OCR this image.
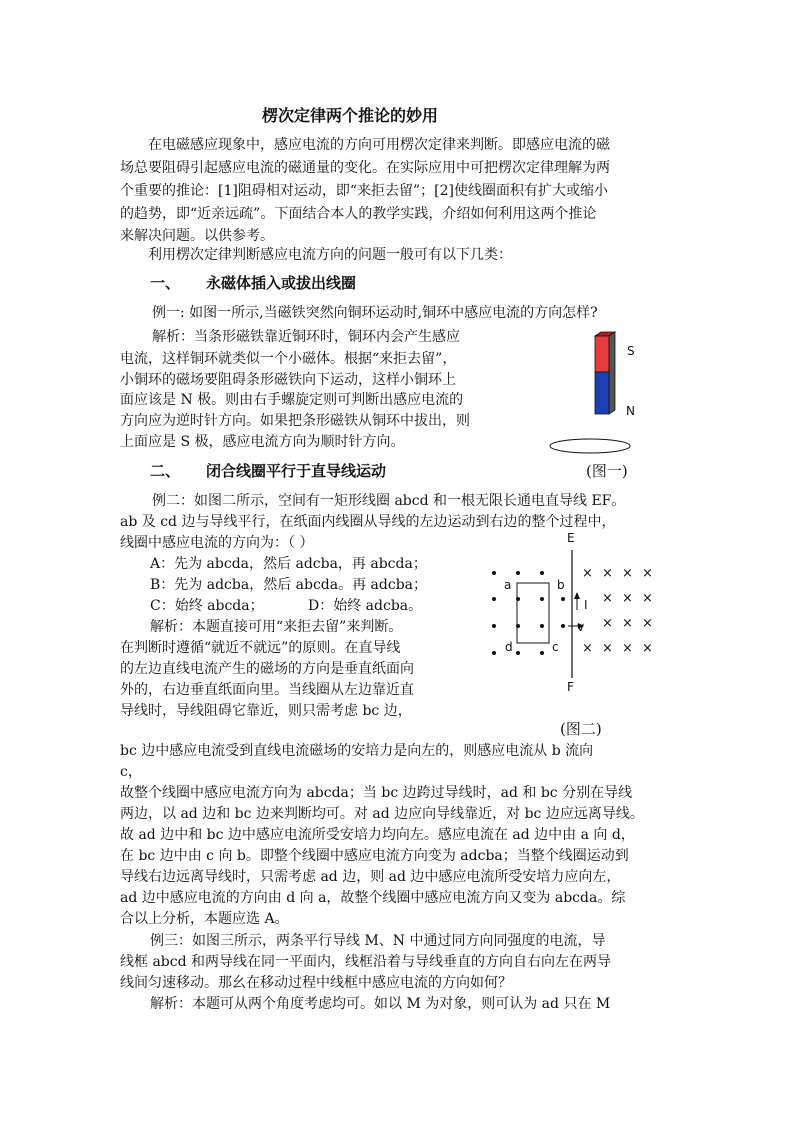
楞次定律两个推论的妙用
在电磁感应现象中，感应电流的方向可用楞次定律来判断。即感应电流的磁
场总要阻碍引起感应电流的磁通量的变化。在实际应用中可把楞次定律理解为两
个重要的推论：[1]阻碍相对运动，即“来拒去留”；[2]使线圈面积有扩大或缩小
的趋势，即“近亲远疏”。下面结合本人的教学实践，介绍如何利用这两个推论
来解决问题。以供参考。
利用楞次定律判断感应电流方向的问题一般可有以下几类：
一、 永磁体插入或拔出线圈
例一: 如图一所示,当磁铁突然向铜环运动时,铜环中感应电流的方向怎样?
解析：当条形磁铁靠近铜环时，铜环内会产生感应
电流，这样铜环就类似一个小磁体。根据“来拒去留”，
小铜环的磁场要阻碍条形磁铁向下运动，这样小铜环上
面应该是 N 极。则由右手螺旋定则可判断出感应电流的
方向应为逆时针方向。如果把条形磁铁从铜环中拔出，则
上面应是 S 极，感应电流方向为顺时针方向。
S
N
二、 闭合线圈平行于直导线运动	(图一)
例二：如图二所示，空间有一矩形线圈 abcd 和一根无限长通电直导线 EF。
ab 及 cd 边与导线平行，在纸面内线圈从导线的左边运动到右边的整个过程中，
线圈中感应电流的方向为：（ ）
A：先为 abcda，然后 adcba，再 abcda；
B：先为 adcba，然后 abcda。再 adcba；
C：始终 abcda；	D：始终 adcba。
解析：本题直接可用“来拒去留”来判断。
在判断时遵循“就近不就远”的原则。在直导线
的左边直线电流产生的磁场的方向是垂直纸面向
外的，右边垂直纸面向里。当线圈从左边靠近直
导线时，导线阻碍它靠近，则只需考虑 bc 边，
E
F
a	b
c
d
I
v
× × × ×
× × ×
× × ×
× × × ×
(图二)
bc 边中感应电流受到直线电流磁场的安培力是向左的，则感应电流从 b 流向
c，
故整个线圈中感应电流方向为 abcda；当 bc 边跨过导线时，ad 和 bc 分别在导线
两边，以 ad 边和 bc 边来判断均可。对 ad 边应向导线靠近，对 bc 边应远离导线。
故 ad 边中和 bc 边中感应电流所受安培力均向左。感应电流在 ad 边中由 a 向 d，
在 bc 边中由 c 向 b。即整个线圈中感应电流方向变为 adcba；当整个线圈运动到
导线右边远离导线时，只需考虑 ad 边，则 ad 边中感应电流所受安培力应向左，
ad 边中感应电流的方向由 d 向 a，故整个线圈中感应电流方向又变为 abcda。综
合以上分析，本题应选 A。
例三：如图三所示，两条平行导线 M、N 中通过同方向同强度的电流，导
线框 abcd 和两导线在同一平面内，线框沿着与导线垂直的方向自右向左在两导
线间匀速移动。那幺在移动过程中线框中感应电流的方向如何？
解析：本题可从两个角度考虑均可。如以 M 为对象，则可认为 ad 只在 M
